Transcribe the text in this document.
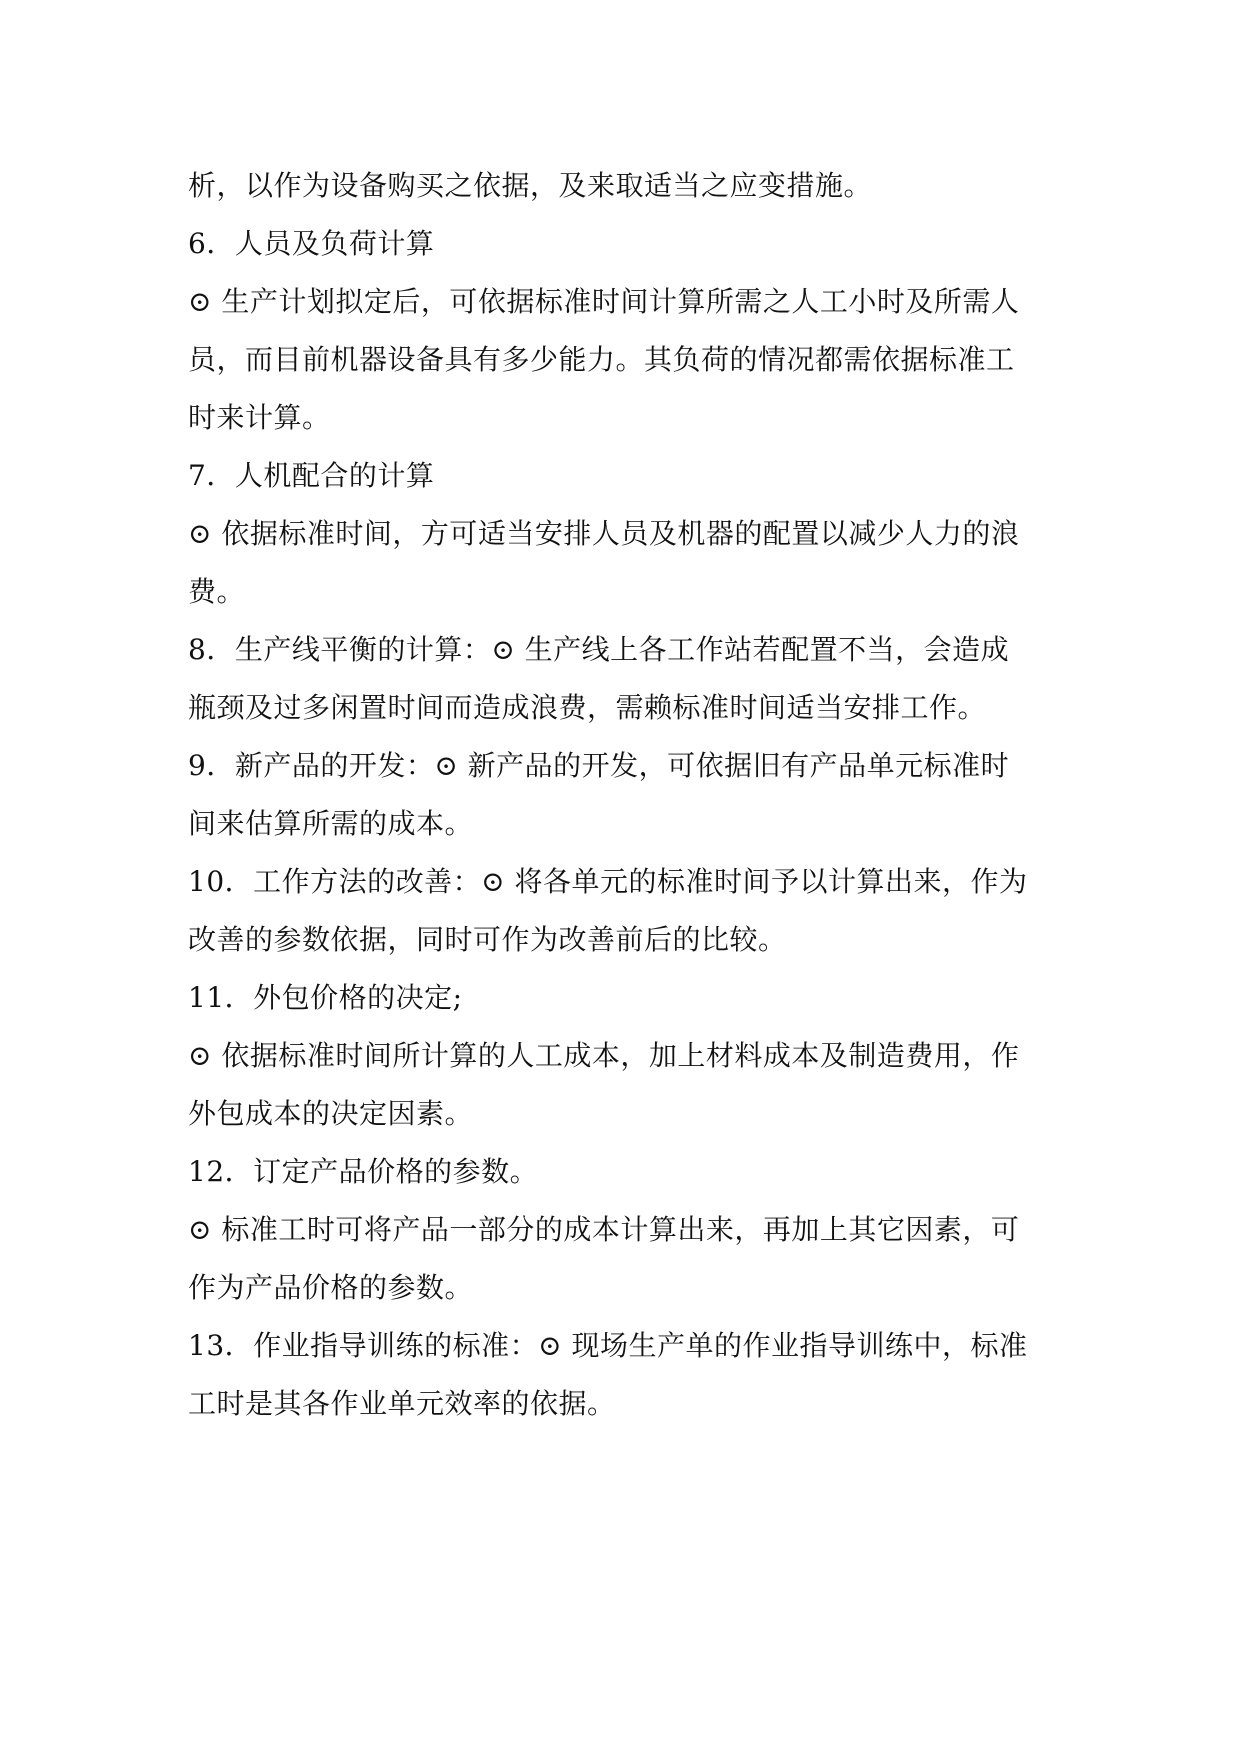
析，以作为设备购买之依据，及来取适当之应变措施。
6．人员及负荷计算
⊙ 生产计划拟定后，可依据标准时间计算所需之人工小时及所需人
员，而目前机器设备具有多少能力。其负荷的情况都需依据标准工
时来计算。
7．人机配合的计算
⊙ 依据标准时间，方可适当安排人员及机器的配置以减少人力的浪
费。
8．生产线平衡的计算：⊙ 生产线上各工作站若配置不当，会造成
瓶颈及过多闲置时间而造成浪费，需赖标准时间适当安排工作。
9．新产品的开发：⊙ 新产品的开发，可依据旧有产品单元标准时
间来估算所需的成本。
10．工作方法的改善：⊙ 将各单元的标准时间予以计算出来，作为
改善的参数依据，同时可作为改善前后的比较。
11．外包价格的决定;
⊙ 依据标准时间所计算的人工成本，加上材料成本及制造费用，作
外包成本的决定因素。
12．订定产品价格的参数。
⊙ 标准工时可将产品一部分的成本计算出来，再加上其它因素，可
作为产品价格的参数。
13．作业指导训练的标准：⊙ 现场生产单的作业指导训练中，标准
工时是其各作业单元效率的依据。
